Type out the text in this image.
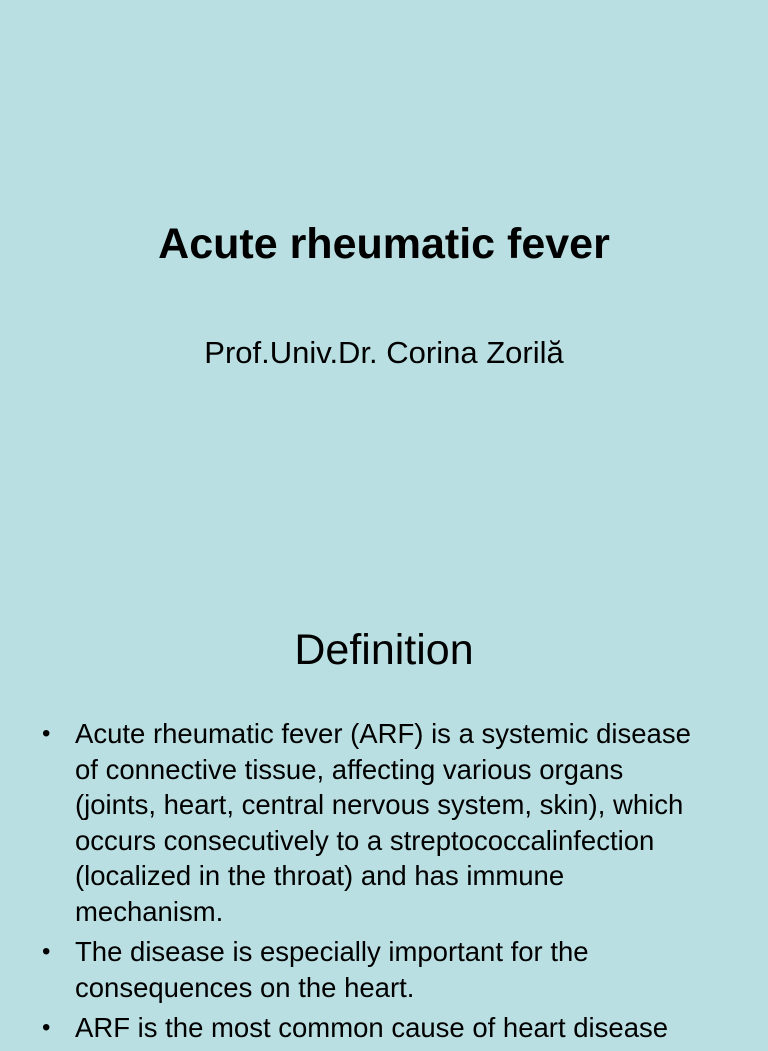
Acute rheumatic fever

Prof.Univ.Dr. Corina Zorilă

Definition
• Acute rheumatic fever (ARF) is a systemic disease of connective tissue, affecting various organs (joints, heart, central nervous system, skin), which occurs consecutively to a streptococcalinfection (localized in the throat) and has immune mechanism.
• The disease is especially important for the consequences on the heart.
• ARF is the most common cause of heart disease
